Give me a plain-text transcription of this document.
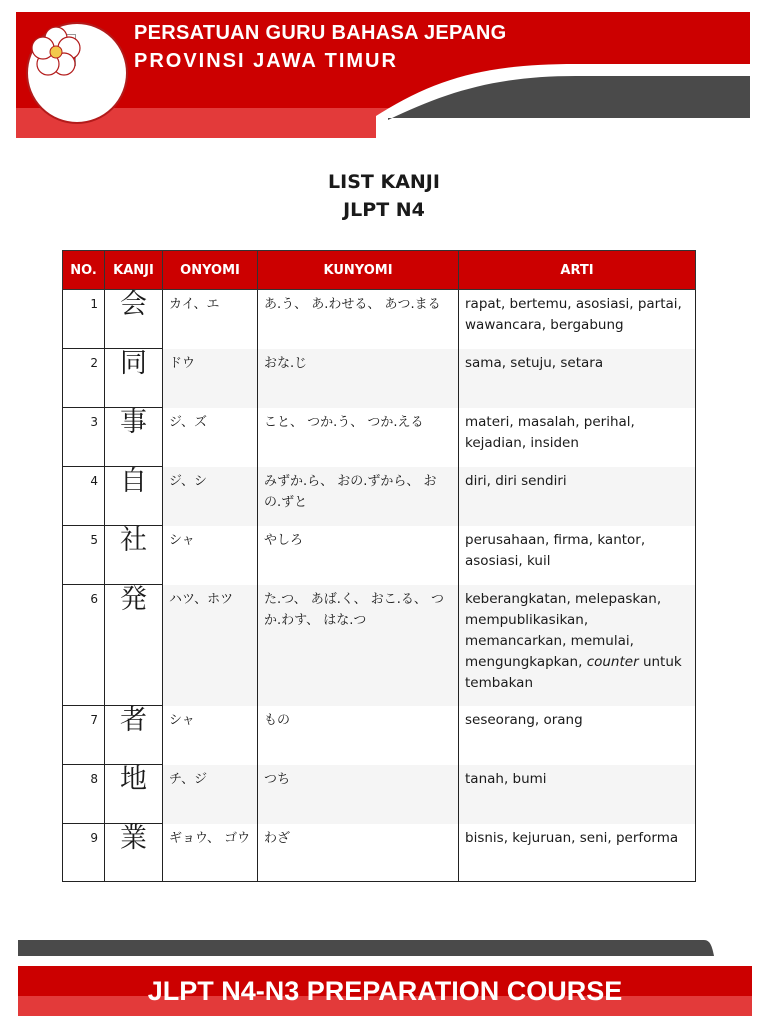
PERSATUAN GURU BAHASA JEPANG
PROVINSI JAWA TIMUR
LIST KANJI
JLPT N4
NO.	KANJI	ONYOMI	KUNYOMI	ARTI
1	会	カイ、エ	あ.う、 あ.わせる、 あつ.まる	rapat, bertemu, asosiasi, partai, wawancara, bergabung
2	同	ドウ	おな.じ	sama, setuju, setara
3	事	ジ、ズ	こと、 つか.う、 つか.える	materi, masalah, perihal, kejadian, insiden
4	自	ジ、シ	みずか.ら、 おの.ずから、 おの.ずと	diri, diri sendiri
5	社	シャ	やしろ	perusahaan, firma, kantor, asosiasi, kuil
6	発	ハツ、ホツ	た.つ、 あば.く、 おこ.る、 つか.わす、 はな.つ	keberangkatan, melepaskan, mempublikasikan, memancarkan, memulai, mengungkapkan, counter untuk tembakan
7	者	シャ	もの	seseorang, orang
8	地	チ、ジ	つち	tanah, bumi
9	業	ギョウ、 ゴウ	わざ	bisnis, kejuruan, seni, performa
JLPT N4-N3 PREPARATION COURSE
